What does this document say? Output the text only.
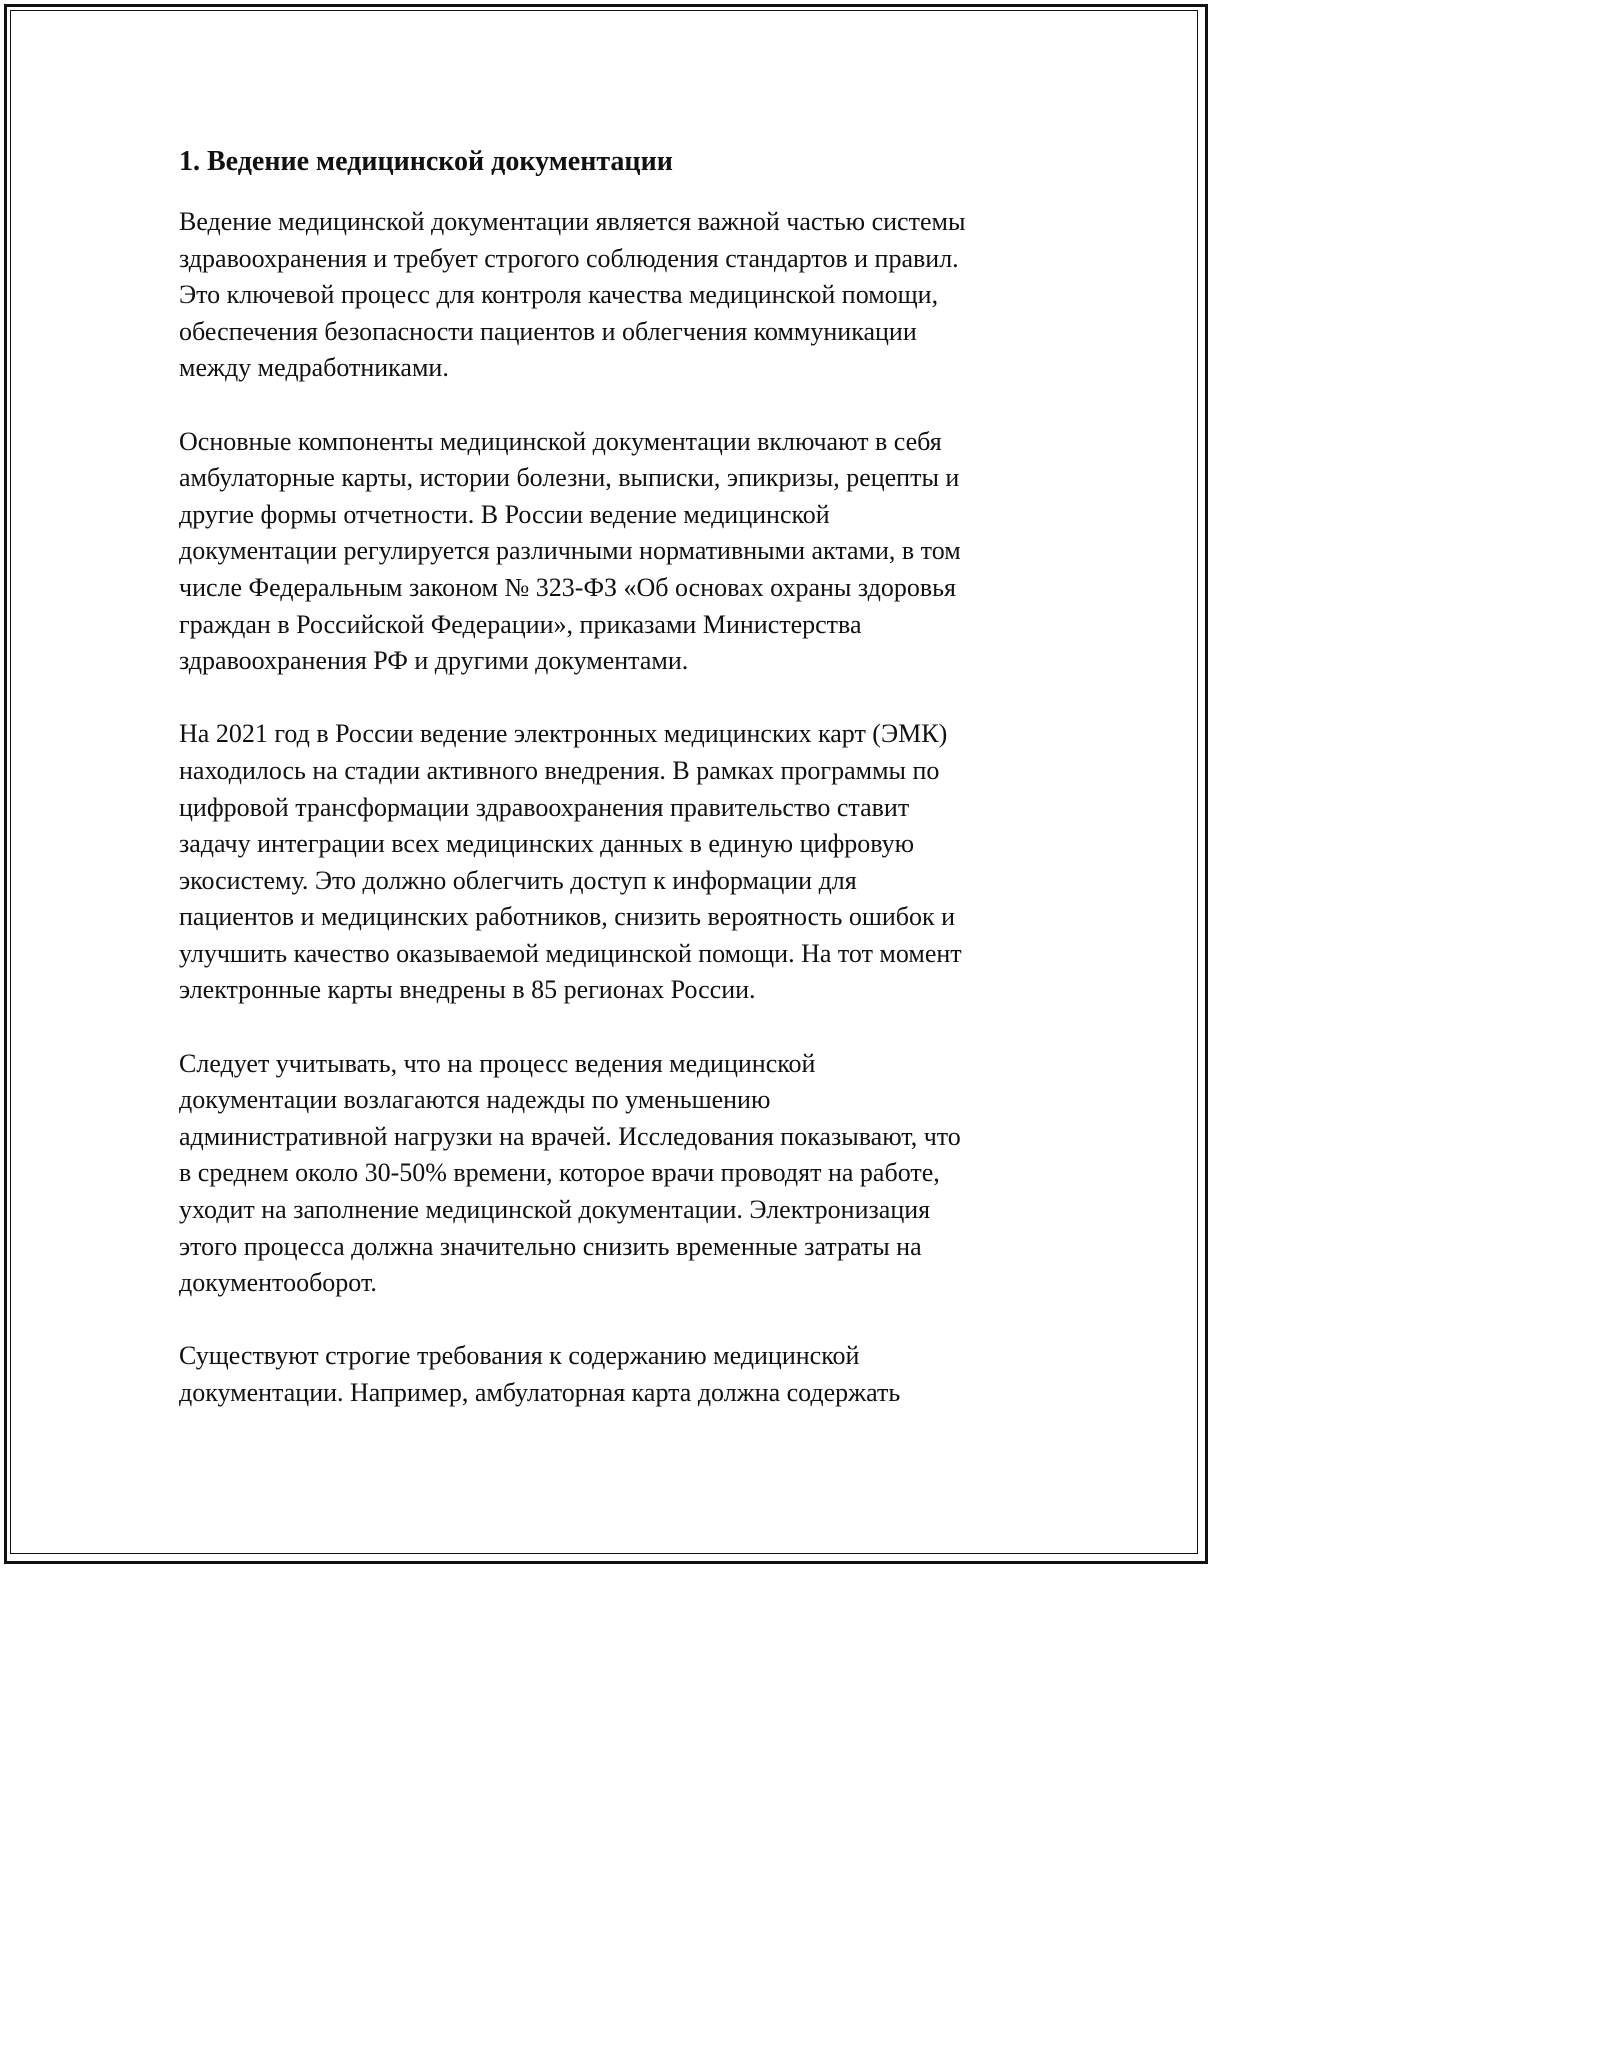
1. Ведение медицинской документации

Ведение медицинской документации является важной частью системы
здравоохранения и требует строгого соблюдения стандартов и правил.
Это ключевой процесс для контроля качества медицинской помощи,
обеспечения безопасности пациентов и облегчения коммуникации
между медработниками.

Основные компоненты медицинской документации включают в себя
амбулаторные карты, истории болезни, выписки, эпикризы, рецепты и
другие формы отчетности. В России ведение медицинской
документации регулируется различными нормативными актами, в том
числе Федеральным законом № 323-ФЗ «Об основах охраны здоровья
граждан в Российской Федерации», приказами Министерства
здравоохранения РФ и другими документами.

На 2021 год в России ведение электронных медицинских карт (ЭМК)
находилось на стадии активного внедрения. В рамках программы по
цифровой трансформации здравоохранения правительство ставит
задачу интеграции всех медицинских данных в единую цифровую
экосистему. Это должно облегчить доступ к информации для
пациентов и медицинских работников, снизить вероятность ошибок и
улучшить качество оказываемой медицинской помощи. На тот момент
электронные карты внедрены в 85 регионах России.

Следует учитывать, что на процесс ведения медицинской
документации возлагаются надежды по уменьшению
административной нагрузки на врачей. Исследования показывают, что
в среднем около 30-50% времени, которое врачи проводят на работе,
уходит на заполнение медицинской документации. Электронизация
этого процесса должна значительно снизить временные затраты на
документооборот.

Существуют строгие требования к содержанию медицинской
документации. Например, амбулаторная карта должна содержать
